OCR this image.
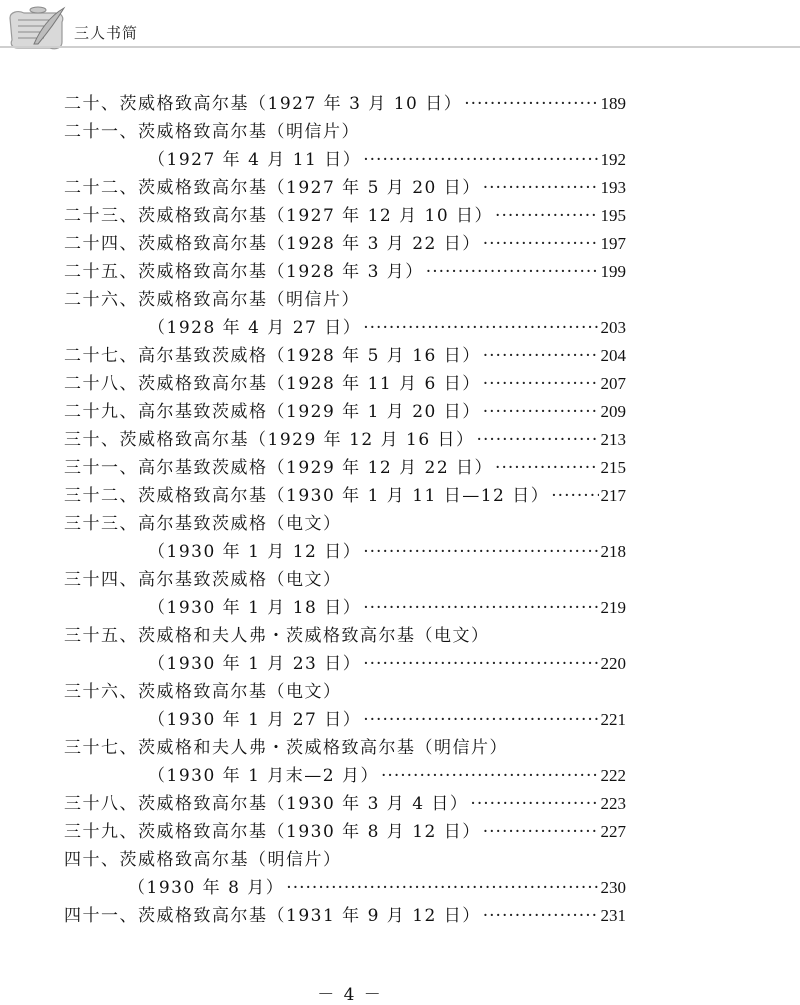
三人书简
二十、茨威格致高尔基（1927 年 3 月 10 日） ·····	189
二十一、茨威格致高尔基（明信片）
（1927 年 4 月 11 日） ·····	192
二十二、茨威格致高尔基（1927 年 5 月 20 日） ·····	193
二十三、茨威格致高尔基（1927 年 12 月 10 日） ·····	195
二十四、茨威格致高尔基（1928 年 3 月 22 日） ·····	197
二十五、茨威格致高尔基（1928 年 3 月） ·····	199
二十六、茨威格致高尔基（明信片）
（1928 年 4 月 27 日） ·····	203
二十七、高尔基致茨威格（1928 年 5 月 16 日） ·····	204
二十八、茨威格致高尔基（1928 年 11 月 6 日） ·····	207
二十九、高尔基致茨威格（1929 年 1 月 20 日） ·····	209
三十、茨威格致高尔基（1929 年 12 月 16 日） ·····	213
三十一、高尔基致茨威格（1929 年 12 月 22 日） ·····	215
三十二、茨威格致高尔基（1930 年 1 月 11 日—12 日） ·····	217
三十三、高尔基致茨威格（电文）
（1930 年 1 月 12 日） ·····	218
三十四、高尔基致茨威格（电文）
（1930 年 1 月 18 日） ·····	219
三十五、茨威格和夫人弗・茨威格致高尔基（电文）
（1930 年 1 月 23 日） ·····	220
三十六、茨威格致高尔基（电文）
（1930 年 1 月 27 日） ·····	221
三十七、茨威格和夫人弗・茨威格致高尔基（明信片）
（1930 年 1 月末—2 月） ·····	222
三十八、茨威格致高尔基（1930 年 3 月 4 日） ·····	223
三十九、茨威格致高尔基（1930 年 8 月 12 日） ·····	227
四十、茨威格致高尔基（明信片）
（1930 年 8 月） ·····	230
四十一、茨威格致高尔基（1931 年 9 月 12 日） ·····	231
－ 4 －
